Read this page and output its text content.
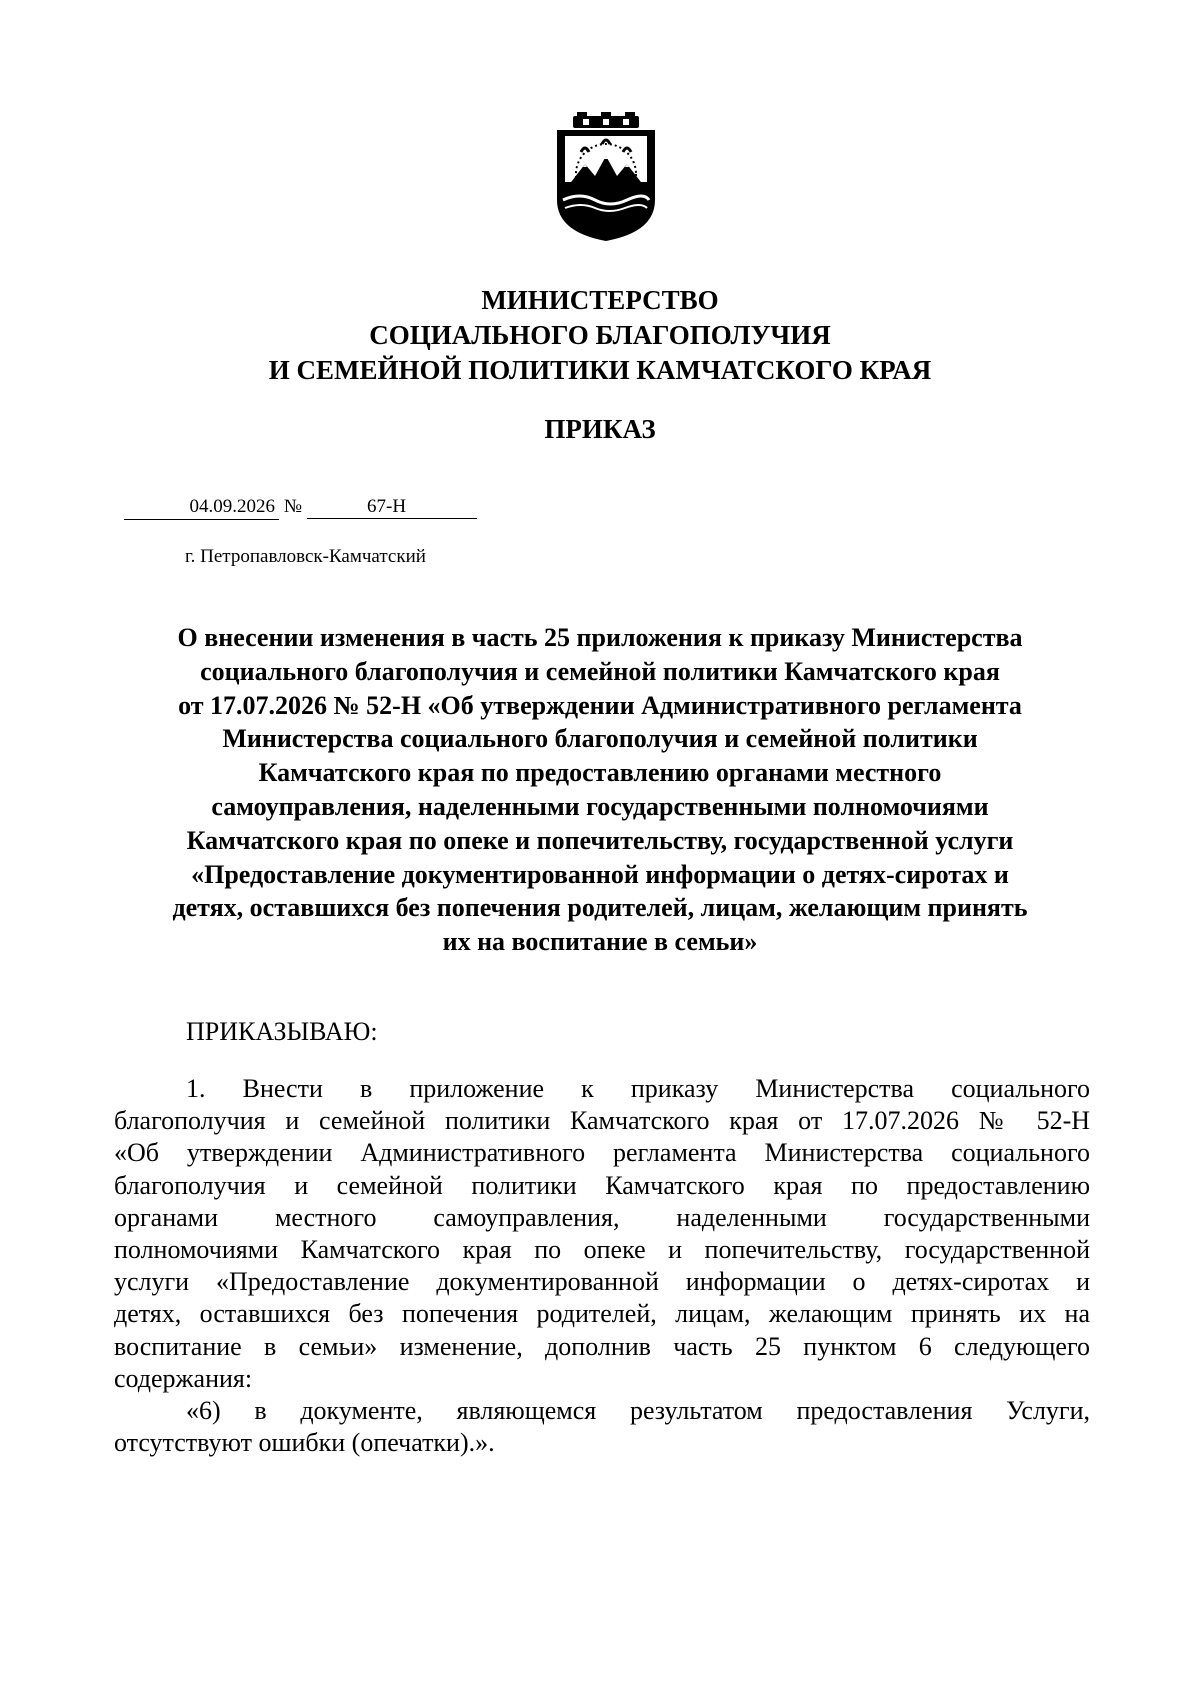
МИНИСТЕРСТВО
СОЦИАЛЬНОГО БЛАГОПОЛУЧИЯ
И СЕМЕЙНОЙ ПОЛИТИКИ КАМЧАТСКОГО КРАЯ
ПРИКАЗ
04.09.2026 №	67-Н
г. Петропавловск-Камчатский
О внесении изменения в часть 25 приложения к приказу Министерства
социального благополучия и семейной политики Камчатского края
от 17.07.2026 № 52-Н «Об утверждении Административного регламента
Министерства социального благополучия и семейной политики
Камчатского края по предоставлению органами местного
самоуправления, наделенными государственными полномочиями
Камчатского края по опеке и попечительству, государственной услуги
«Предоставление документированной информации о детях-сиротах и
детях, оставшихся без попечения родителей, лицам, желающим принять
их на воспитание в семьи»
ПРИКАЗЫВАЮ:
1. Внести в приложение к приказу Министерства социального
благополучия и семейной политики Камчатского края от 17.07.2026 № 52-Н
«Об утверждении Административного регламента Министерства социального
благополучия и семейной политики Камчатского края по предоставлению
органами местного самоуправления, наделенными государственными
полномочиями Камчатского края по опеке и попечительству, государственной
услуги «Предоставление документированной информации о детях-сиротах и
детях, оставшихся без попечения родителей, лицам, желающим принять их на
воспитание в семьи» изменение, дополнив часть 25 пунктом 6 следующего
содержания:
«6) в документе, являющемся результатом предоставления Услуги,
отсутствуют ошибки (опечатки).».
